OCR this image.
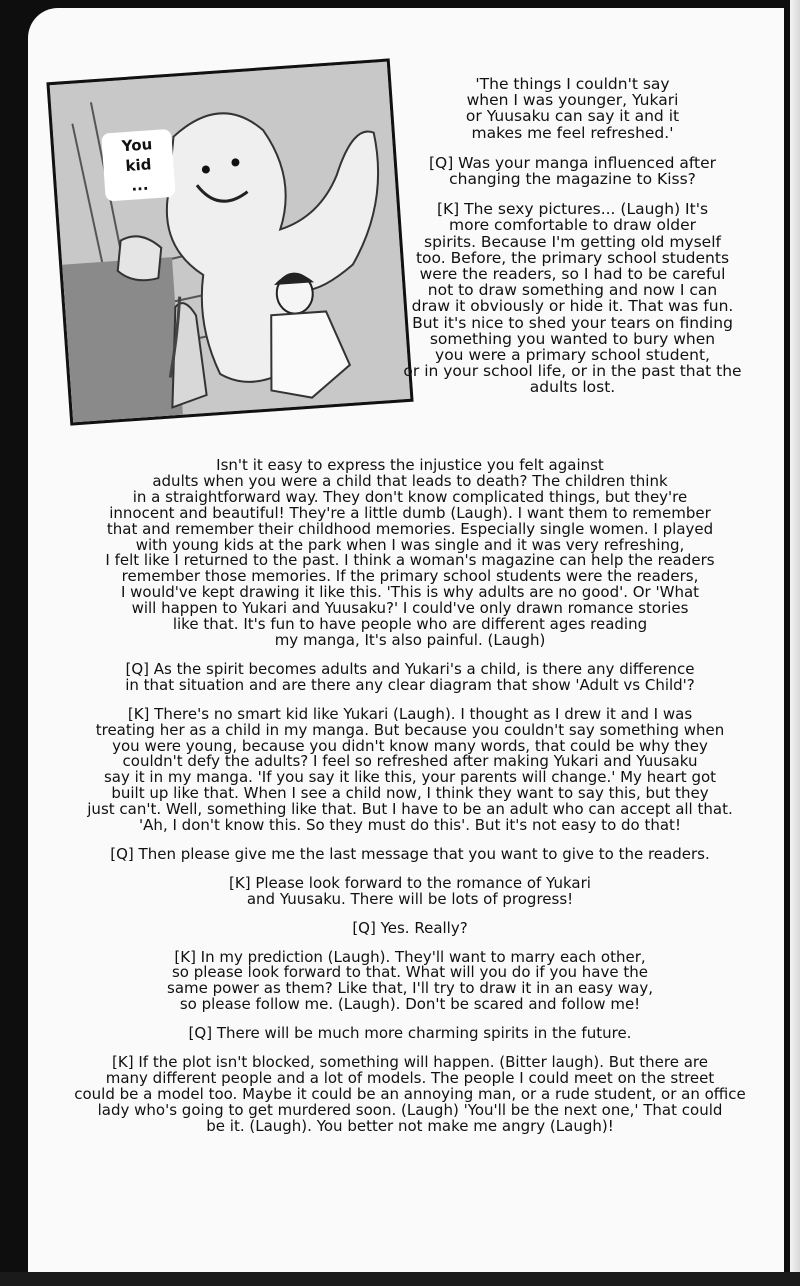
You
kid
...

'The things I couldn't say

when I was younger, Yukari

or Yuusaku can say it and it

makes me feel refreshed.'

[Q] Was your manga influenced after

changing the magazine to Kiss?

[K] The sexy pictures... (Laugh) It's

more comfortable to draw older

spirits. Because I'm getting old myself

too. Before, the primary school students

were the readers, so I had to be careful

not to draw something and now I can

draw it obviously or hide it. That was fun.

But it's nice to shed your tears on finding

something you wanted to bury when

you were a primary school student,

or in your school life, or in the past that the

adults lost.

Isn't it easy to express the injustice you felt against

adults when you were a child that leads to death? The children think

in a straightforward way. They don't know complicated things, but they're

innocent and beautiful! They're a little dumb (Laugh). I want them to remember

that and remember their childhood memories. Especially single women. I played

with young kids at the park when I was single and it was very refreshing,

I felt like I returned to the past. I think a woman's magazine can help the readers

remember those memories. If the primary school students were the readers,

I would've kept drawing it like this. 'This is why adults are no good'. Or 'What

will happen to Yukari and Yuusaku?' I could've only drawn romance stories

like that. It's fun to have people who are different ages reading

my manga, It's also painful. (Laugh)

[Q] As the spirit becomes adults and Yukari's a child, is there any difference

in that situation and are there any clear diagram that show 'Adult vs Child'?

[K] There's no smart kid like Yukari (Laugh). I thought as I drew it and I was

treating her as a child in my manga. But because you couldn't say something when

you were young, because you didn't know many words, that could be why they

couldn't defy the adults? I feel so refreshed after making Yukari and Yuusaku

say it in my manga. 'If you say it like this, your parents will change.' My heart got

built up like that. When I see a child now, I think they want to say this, but they

just can't. Well, something like that. But I have to be an adult who can accept all that.

'Ah, I don't know this. So they must do this'. But it's not easy to do that!

[Q] Then please give me the last message that you want to give to the readers.

[K] Please look forward to the romance of Yukari

and Yuusaku. There will be lots of progress!

[Q] Yes. Really?

[K] In my prediction (Laugh). They'll want to marry each other,

so please look forward to that. What will you do if you have the

same power as them? Like that, I'll try to draw it in an easy way,

so please follow me. (Laugh). Don't be scared and follow me!

[Q] There will be much more charming spirits in the future.

[K] If the plot isn't blocked, something will happen. (Bitter laugh). But there are

many different people and a lot of models. The people I could meet on the street

could be a model too. Maybe it could be an annoying man, or a rude student, or an office

lady who's going to get murdered soon. (Laugh) 'You'll be the next one,' That could

be it. (Laugh). You better not make me angry (Laugh)!
